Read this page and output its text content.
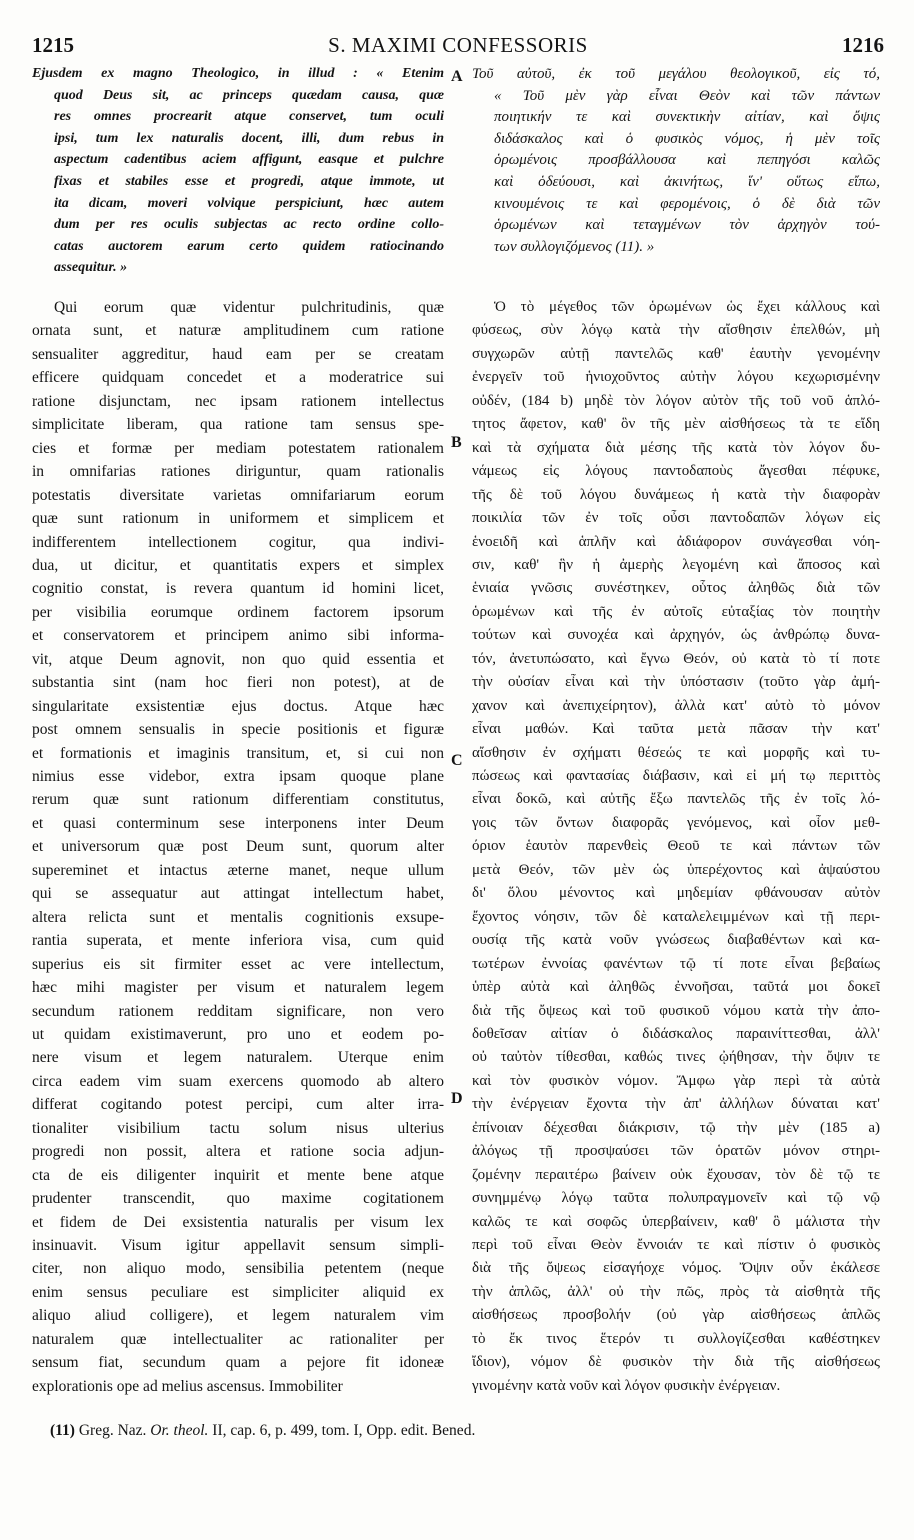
1215	S. MAXIMI CONFESSORIS	1216
Ejusdem ex magno Theologico, in illud : « Etenim
quod Deus sit, ac princeps quædam causa, quæ
res omnes procrearit atque conservet, tum oculi
ipsi, tum lex naturalis docent, illi, dum rebus in
aspectum cadentibus aciem affigunt, easque et pulchre
fixas et stabiles esse et progredi, atque immote, ut
ita dicam, moveri volvique perspiciunt, hæc autem
dum per res oculis subjectas ac recto ordine collo-
catas auctorem earum certo quidem ratiocinando
assequitur. »
Qui eorum quæ videntur pulchritudinis, quæ
ornata sunt, et naturæ amplitudinem cum ratione
sensualiter aggreditur, haud eam per se creatam
efficere quidquam concedet et a moderatrice sui
ratione disjunctam, nec ipsam rationem intellectus
simplicitate liberam, qua ratione tam sensus spe-
cies et formæ per mediam potestatem rationalem
in omnifarias rationes diriguntur, quam rationalis
potestatis diversitate varietas omnifariarum eorum
quæ sunt rationum in uniformem et simplicem et
indifferentem intellectionem cogitur, qua indivi-
dua, ut dicitur, et quantitatis expers et simplex
cognitio constat, is revera quantum id homini licet,
per visibilia eorumque ordinem factorem ipsorum
et conservatorem et principem animo sibi informa-
vit, atque Deum agnovit, non quo quid essentia et
substantia sint (nam hoc fieri non potest), at de
singularitate exsistentiæ ejus doctus. Atque hæc
post omnem sensualis in specie positionis et figuræ
et formationis et imaginis transitum, et, si cui non
nimius esse videbor, extra ipsam quoque plane
rerum quæ sunt rationum differentiam constitutus,
et quasi conterminum sese interponens inter Deum
et universorum quæ post Deum sunt, quorum alter
supereminet et intactus æterne manet, neque ullum
qui se assequatur aut attingat intellectum habet,
altera relicta sunt et mentalis cognitionis exsupe-
rantia superata, et mente inferiora visa, cum quid
superius eis sit firmiter esset ac vere intellectum,
hæc mihi magister per visum et naturalem legem
secundum rationem redditam significare, non vero
ut quidam existimaverunt, pro uno et eodem po-
nere visum et legem naturalem. Uterque enim
circa eadem vim suam exercens quomodo ab altero
differat cogitando potest percipi, cum alter irra-
tionaliter visibilium tactu solum nisus ulterius
progredi non possit, altera et ratione socia adjun-
cta de eis diligenter inquirit et mente bene atque
prudenter transcendit, quo maxime cogitationem
et fidem de Dei exsistentia naturalis per visum lex
insinuavit. Visum igitur appellavit sensum simpli-
citer, non aliquo modo, sensibilia petentem (neque
enim sensus peculiare est simpliciter aliquid ex
aliquo aliud colligere), et legem naturalem vim
naturalem quæ intellectualiter ac rationaliter per
sensum fiat, secundum quam a pejore fit idoneæ
explorationis ope ad melius ascensus. Immobiliter
Τοῦ αὐτοῦ, ἐκ τοῦ μεγάλου θεολογικοῦ, εἰς τό,
« Τοῦ μὲν γὰρ εἶναι Θεὸν καὶ τῶν πάντων
ποιητικήν τε καὶ συνεκτικὴν αἰτίαν, καὶ ὄψις
διδάσκαλος καὶ ὁ φυσικὸς νόμος, ἡ μὲν τοῖς
ὁρωμένοις προσβάλλουσα καὶ πεπηγόσι καλῶς
καὶ ὁδεύουσι, καὶ ἀκινήτως, ἵν' οὕτως εἴπω,
κινουμένοις τε καὶ φερομένοις, ὁ δὲ διὰ τῶν
ὁρωμένων καὶ τεταγμένων τὸν ἀρχηγὸν τού-
των συλλογιζόμενος (11). »
Ὁ τὸ μέγεθος τῶν ὁρωμένων ὡς ἔχει κάλλους καὶ
φύσεως, σὺν λόγῳ κατὰ τὴν αἴσθησιν ἐπελθών, μὴ
συγχωρῶν αὐτῇ παντελῶς καθ' ἑαυτὴν γενομένην
ἐνεργεῖν τοῦ ἡνιοχοῦντος αὐτὴν λόγου κεχωρισμένην
οὐδέν, (184 b) μηδὲ τὸν λόγον αὐτὸν τῆς τοῦ νοῦ ἁπλό-
τητος ἄφετον, καθ' ὃν τῆς μὲν αἰσθήσεως τὰ τε εἴδη
καὶ τὰ σχήματα διὰ μέσης τῆς κατὰ τὸν λόγον δυ-
νάμεως εἰς λόγους παντοδαποὺς ἄγεσθαι πέφυκε,
τῆς δὲ τοῦ λόγου δυνάμεως ἡ κατὰ τὴν διαφορὰν
ποικιλία τῶν ἐν τοῖς οὖσι παντοδαπῶν λόγων εἰς
ἑνοειδῆ καὶ ἁπλῆν καὶ ἀδιάφορον συνάγεσθαι νόη-
σιν, καθ' ἣν ἡ ἀμερὴς λεγομένη καὶ ἄποσος καὶ
ἑνιαία γνῶσις συνέστηκεν, οὗτος ἀληθῶς διὰ τῶν
ὁρωμένων καὶ τῆς ἐν αὐτοῖς εὐταξίας τὸν ποιητὴν
τούτων καὶ συνοχέα καὶ ἀρχηγόν, ὡς ἀνθρώπῳ δυνα-
τόν, ἀνετυπώσατο, καὶ ἔγνω Θεόν, οὐ κατὰ τὸ τί ποτε
τὴν οὐσίαν εἶναι καὶ τὴν ὑπόστασιν (τοῦτο γὰρ ἀμή-
χανον καὶ ἀνεπιχείρητον), ἀλλὰ κατ' αὐτὸ τὸ μόνον
εἶναι μαθών. Καὶ ταῦτα μετὰ πᾶσαν τὴν κατ'
αἴσθησιν ἐν σχήματι θέσεώς τε καὶ μορφῆς καὶ τυ-
πώσεως καὶ φαντασίας διάβασιν, καὶ εἰ μή τῳ περιττὸς
εἶναι δοκῶ, καὶ αὐτῆς ἔξω παντελῶς τῆς ἐν τοῖς λό-
γοις τῶν ὄντων διαφορᾶς γενόμενος, καὶ οἷον μεθ-
όριον ἑαυτὸν παρενθεὶς Θεοῦ τε καὶ πάντων τῶν
μετὰ Θεόν, τῶν μὲν ὡς ὑπερέχοντος καὶ ἀψαύστου
δι' ὅλου μένοντος καὶ μηδεμίαν φθάνουσαν αὐτὸν
ἔχοντος νόησιν, τῶν δὲ καταλελειμμένων καὶ τῇ περι-
ουσίᾳ τῆς κατὰ νοῦν γνώσεως διαβαθέντων καὶ κα-
τωτέρων ἐννοίας φανέντων τῷ τί ποτε εἶναι βεβαίως
ὑπὲρ αὐτὰ καὶ ἀληθῶς ἐννοῆσαι, ταῦτά μοι δοκεῖ
διὰ τῆς ὄψεως καὶ τοῦ φυσικοῦ νόμου κατὰ τὴν ἀπο-
δοθεῖσαν αἰτίαν ὁ διδάσκαλος παραινίττεσθαι, ἀλλ'
οὐ ταὐτὸν τίθεσθαι, καθώς τινες ᾠήθησαν, τὴν ὄψιν τε
καὶ τὸν φυσικὸν νόμον. Ἄμφω γὰρ περὶ τὰ αὐτὰ
τὴν ἐνέργειαν ἔχοντα τὴν ἀπ' ἀλλήλων δύναται κατ'
ἐπίνοιαν δέχεσθαι διάκρισιν, τῷ τὴν μὲν (185 a)
ἀλόγως τῇ προσψαύσει τῶν ὁρατῶν μόνον στηρι-
ζομένην περαιτέρω βαίνειν οὐκ ἔχουσαν, τὸν δὲ τῷ τε
συνημμένῳ λόγῳ ταῦτα πολυπραγμονεῖν καὶ τῷ νῷ
καλῶς τε καὶ σοφῶς ὑπερβαίνειν, καθ' ὃ μάλιστα τὴν
περὶ τοῦ εἶναι Θεὸν ἔννοιάν τε καὶ πίστιν ὁ φυσικὸς
διὰ τῆς ὄψεως εἰσαγήοχε νόμος. Ὄψιν οὖν ἐκάλεσε
τὴν ἁπλῶς, ἀλλ' οὐ τὴν πῶς, πρὸς τὰ αἰσθητὰ τῆς
αἰσθήσεως προσβολήν (οὐ γὰρ αἰσθήσεως ἁπλῶς
τὸ ἔκ τινος ἕτερόν τι συλλογίζεσθαι καθέστηκεν
ἴδιον), νόμον δὲ φυσικὸν τὴν διὰ τῆς αἰσθήσεως
γινομένην κατὰ νοῦν καὶ λόγον φυσικὴν ἐνέργειαν.
A
B
C
D
(11) Greg. Naz. Or. theol. II, cap. 6, p. 499, tom. I, Opp. edit. Bened.
